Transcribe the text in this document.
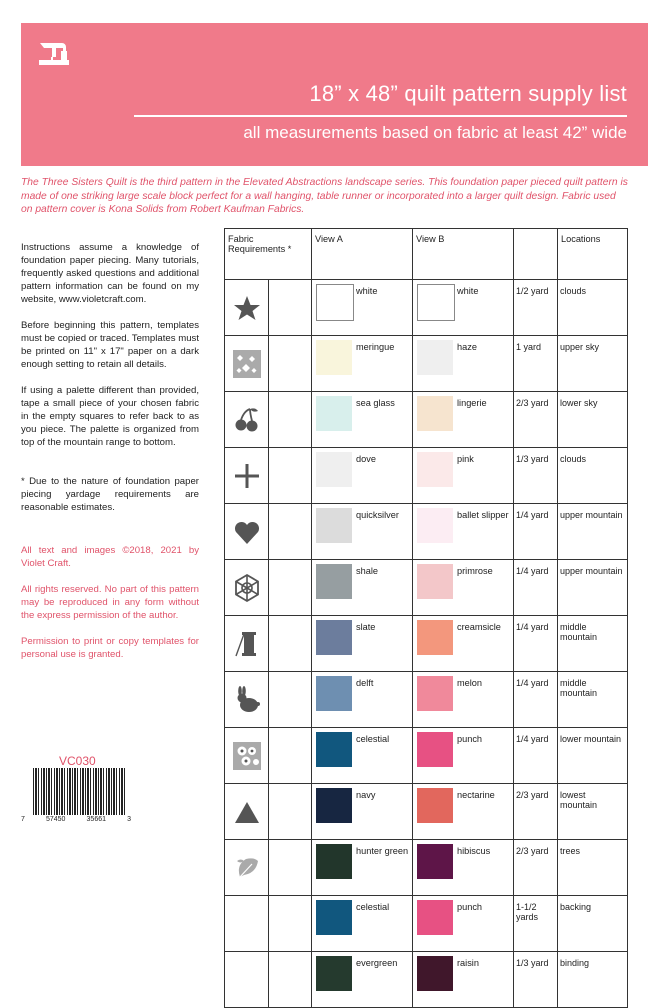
18” x 48” quilt pattern supply list
all measurements based on fabric at least 42” wide
The Three Sisters Quilt is the third pattern in the Elevated Abstractions landscape series. This foundation paper pieced quilt pattern is made of one striking large scale block perfect for a wall hanging, table runner or incorporated into a larger quilt design. Fabric used on pattern cover is Kona Solids from Robert Kaufman Fabrics.

Instructions assume a knowledge of foundation paper piecing. Many tutorials, frequently asked questions and additional pattern information can be found on my website, www.violetcraft.com.

Before beginning this pattern, templates must be copied or traced. Templates must be printed on 11" x 17" paper on a dark enough setting to retain all details.

If using a palette different than provided, tape a small piece of your chosen fabric in the empty squares to refer back to as you piece. The palette is organized from top of the mountain range to bottom.

* Due to the nature of foundation paper piecing yardage requirements are reasonable estimates.

All text and images ©2018, 2021 by Violet Craft.

All rights reserved. No part of this pattern may be reproduced in any form without the express permission of the author.

Permission to print or copy templates for personal use is granted.

VC030
7	57450	35661	3
Fabric Requirements *		View A	View B		Locations

white	white	1/2 yard	clouds

meringue	haze	1 yard	upper sky

sea glass	lingerie	2/3 yard	lower sky

dove	pink	1/3 yard	clouds

quicksilver	ballet slipper	1/4 yard	upper mountain

shale	primrose	1/4 yard	upper mountain

slate	creamsicle	1/4 yard	middle mountain

delft	melon	1/4 yard	middle mountain

celestial	punch	1/4 yard	lower mountain

navy	nectarine	2/3 yard	lowest mountain

hunter green	hibiscus	2/3 yard	trees

		celestial	punch	1-1/2 yards	backing

		evergreen	raisin	1/3 yard	binding
